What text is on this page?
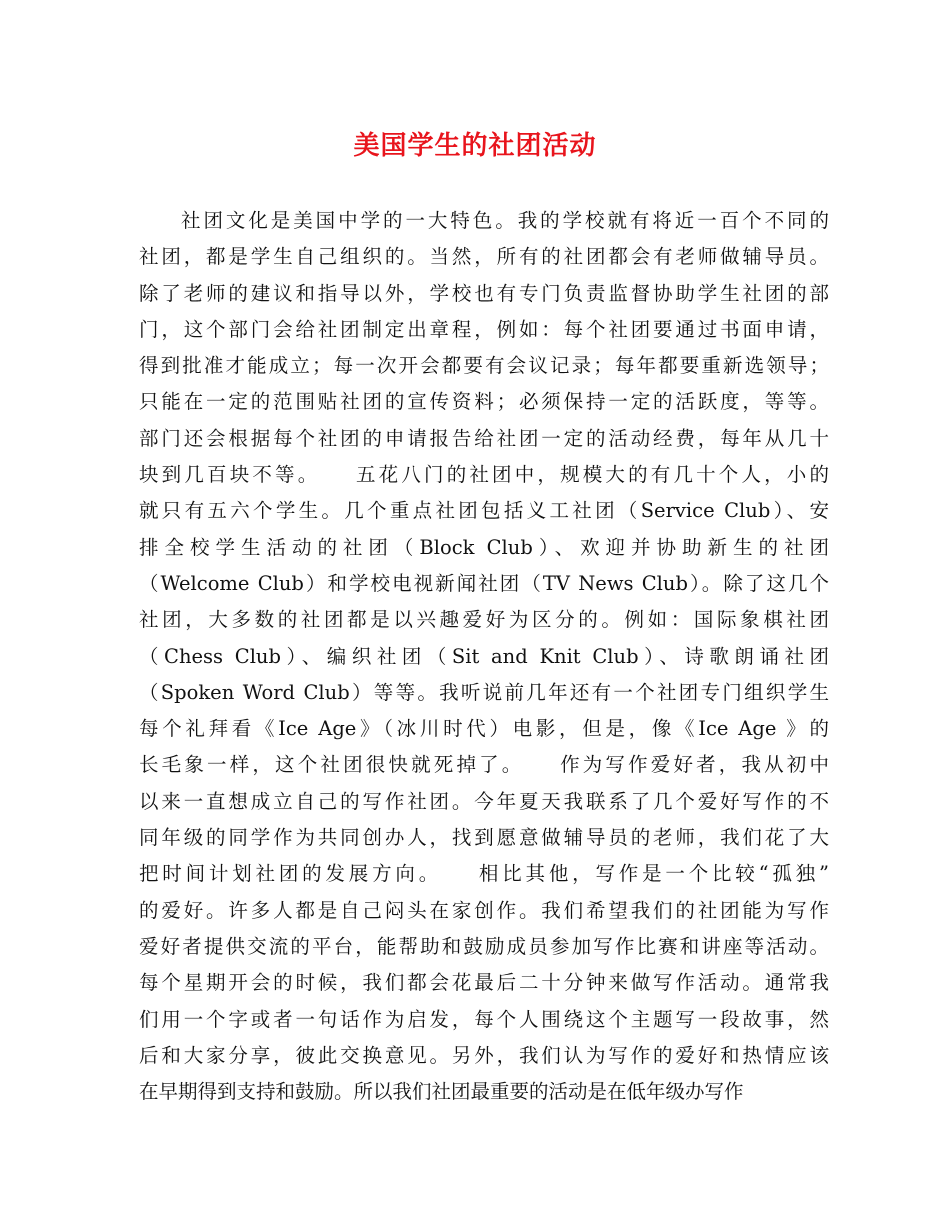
美国学生的社团活动
社团文化是美国中学的一大特色。我的学校就有将近一百个不同的
社团，都是学生自己组织的。当然，所有的社团都会有老师做辅导员。
除了老师的建议和指导以外，学校也有专门负责监督协助学生社团的部
门，这个部门会给社团制定出章程，例如：每个社团要通过书面申请，
得到批准才能成立；每一次开会都要有会议记录；每年都要重新选领导；
只能在一定的范围贴社团的宣传资料；必须保持一定的活跃度，等等。
部门还会根据每个社团的申请报告给社团一定的活动经费，每年从几十
块到几百块不等。　　五花八门的社团中，规模大的有几十个人，小的
就只有五六个学生。几个重点社团包括义工社团（Service Club）、安
排全校学生活动的社团（Block Club）、欢迎并协助新生的社团
（Welcome Club）和学校电视新闻社团（TV News Club）。除了这几个
社团，大多数的社团都是以兴趣爱好为区分的。例如：国际象棋社团
（Chess Club）、编织社团（Sit and Knit Club）、诗歌朗诵社团
（Spoken Word Club）等等。我听说前几年还有一个社团专门组织学生
每个礼拜看《Ice Age》（冰川时代）电影，但是，像《Ice Age 》的
长毛象一样，这个社团很快就死掉了。　　作为写作爱好者，我从初中
以来一直想成立自己的写作社团。今年夏天我联系了几个爱好写作的不
同年级的同学作为共同创办人，找到愿意做辅导员的老师，我们花了大
把时间计划社团的发展方向。　　相比其他，写作是一个比较“孤独”
的爱好。许多人都是自己闷头在家创作。我们希望我们的社团能为写作
爱好者提供交流的平台，能帮助和鼓励成员参加写作比赛和讲座等活动。
每个星期开会的时候，我们都会花最后二十分钟来做写作活动。通常我
们用一个字或者一句话作为启发，每个人围绕这个主题写一段故事，然
后和大家分享，彼此交换意见。另外，我们认为写作的爱好和热情应该
在早期得到支持和鼓励。所以我们社团最重要的活动是在低年级办写作
